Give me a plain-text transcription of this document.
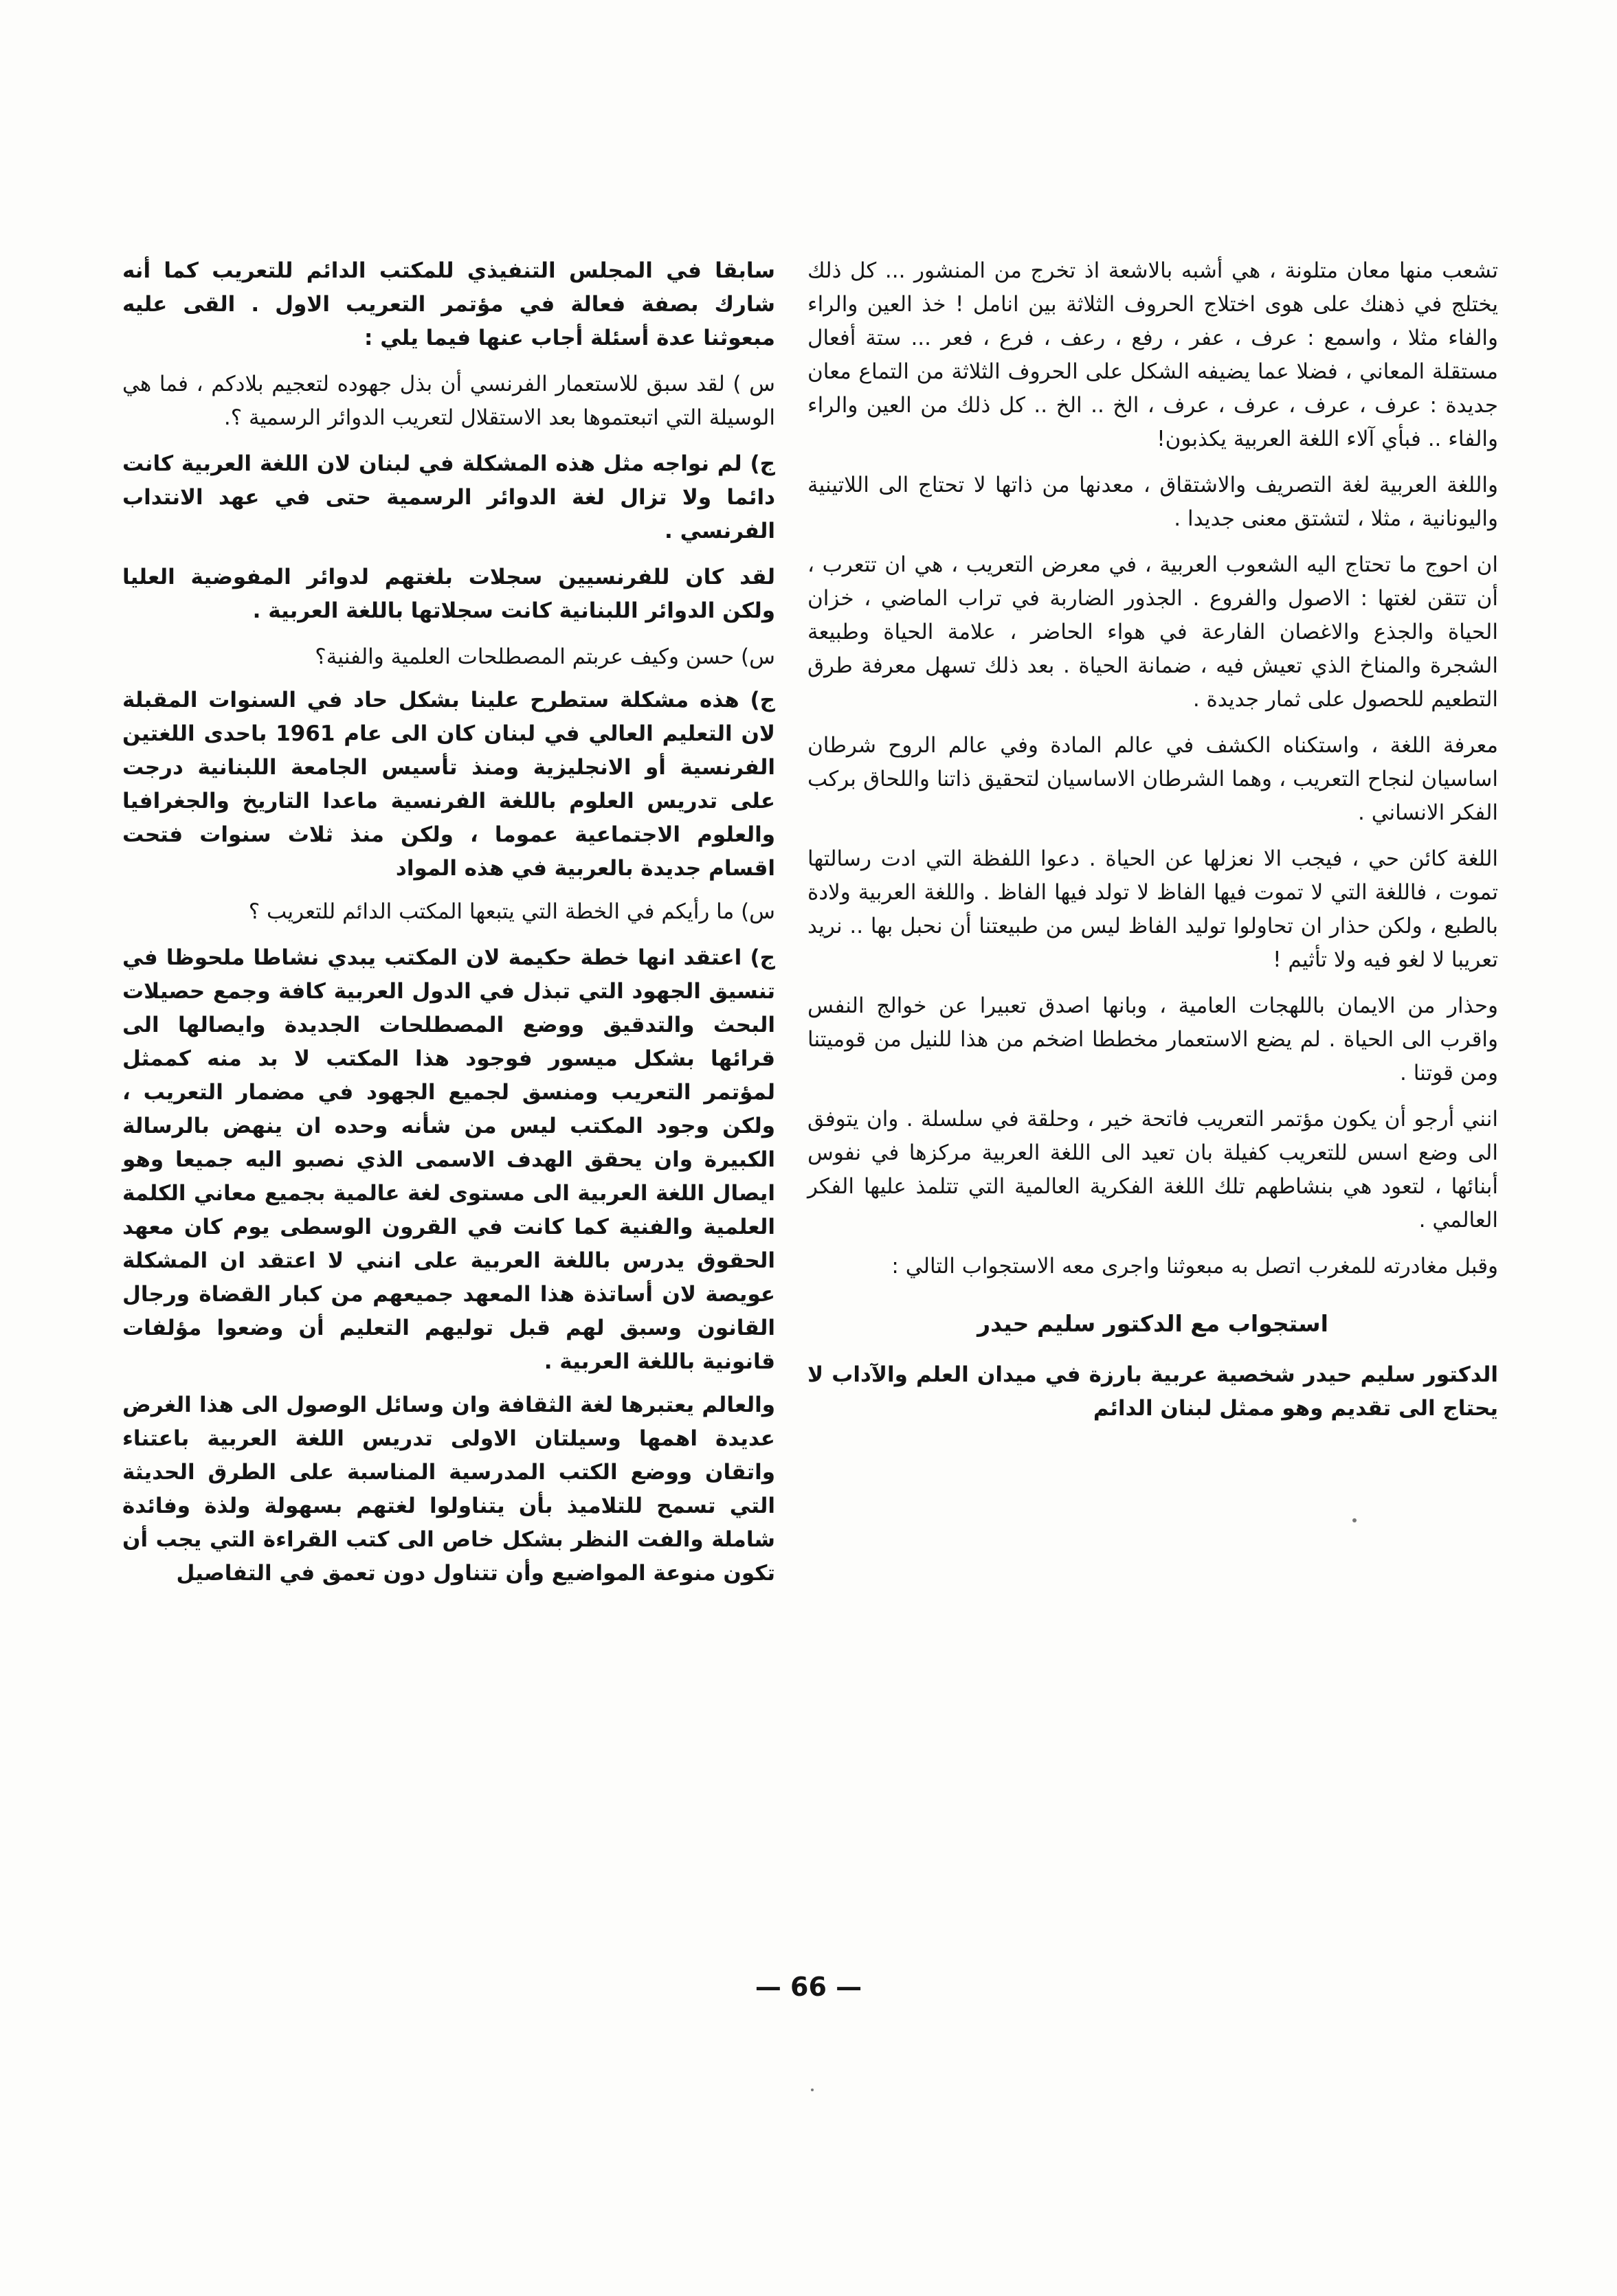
تشعب منها معان متلونة ، هي أشبه بالاشعة اذ تخرج من المنشور ... كل ذلك يختلج في ذهنك على هوى اختلاج الحروف الثلاثة بين انامل ! خذ العين والراء والفاء مثلا ، واسمع : عرف ، عفر ، رفع ، رعف ، فرع ، فعر ... ستة أفعال مستقلة المعاني ، فضلا عما يضيفه الشكل على الحروف الثلاثة من التماع معان جديدة : عرف ، عرف ، عرف ، عرف ، الخ .. الخ .. كل ذلك من العين والراء والفاء .. فبأي آلاء اللغة العربية يكذبون!

واللغة العربية لغة التصريف والاشتقاق ، معدنها من ذاتها لا تحتاج الى اللاتينية واليونانية ، مثلا ، لتشتق معنى جديدا .

ان احوج ما تحتاج اليه الشعوب العربية ، في معرض التعريب ، هي ان تتعرب ، أن تتقن لغتها : الاصول والفروع . الجذور الضاربة في تراب الماضي ، خزان الحياة والجذع والاغصان الفارعة في هواء الحاضر ، علامة الحياة وطبيعة الشجرة والمناخ الذي تعيش فيه ، ضمانة الحياة . بعد ذلك تسهل معرفة طرق التطعيم للحصول على ثمار جديدة .

معرفة اللغة ، واستكناه الكشف في عالم المادة وفي عالم الروح شرطان اساسيان لنجاح التعريب ، وهما الشرطان الاساسيان لتحقيق ذاتنا واللحاق بركب الفكر الانساني .

اللغة كائن حي ، فيجب الا نعزلها عن الحياة . دعوا اللفظة التي ادت رسالتها تموت ، فاللغة التي لا تموت فيها الفاظ لا تولد فيها الفاظ . واللغة العربية ولادة بالطبع ، ولكن حذار ان تحاولوا توليد الفاظ ليس من طبيعتنا أن نحبل بها .. نريد تعريبا لا لغو فيه ولا تأثيم !

وحذار من الايمان باللهجات العامية ، وبانها اصدق تعبيرا عن خوالج النفس واقرب الى الحياة . لم يضع الاستعمار مخططا اضخم من هذا للنيل من قوميتنا ومن قوتنا .

انني أرجو أن يكون مؤتمر التعريب فاتحة خير ، وحلقة في سلسلة . وان يتوفق الى وضع اسس للتعريب كفيلة بان تعيد الى اللغة العربية مركزها في نفوس أبنائها ، لتعود هي بنشاطهم تلك اللغة الفكرية العالمية التي تتلمذ عليها الفكر العالمي .

وقبل مغادرته للمغرب اتصل به مبعوثنا واجرى معه الاستجواب التالي :

استجواب مع الدكتور سليم حيدر

الدكتور سليم حيدر شخصية عربية بارزة في ميدان العلم والآداب لا يحتاج الى تقديم وهو ممثل لبنان الدائم

سابقا في المجلس التنفيذي للمكتب الدائم للتعريب كما أنه شارك بصفة فعالة في مؤتمر التعريب الاول . القى عليه مبعوثنا عدة أسئلة أجاب عنها فيما يلي :

س ) لقد سبق للاستعمار الفرنسي أن بذل جهوده لتعجيم بلادكم ، فما هي الوسيلة التي اتبعتموها بعد الاستقلال لتعريب الدوائر الرسمية ؟.

ج) لم نواجه مثل هذه المشكلة في لبنان لان اللغة العربية كانت دائما ولا تزال لغة الدوائر الرسمية حتى في عهد الانتداب الفرنسي .

لقد كان للفرنسيين سجلات بلغتهم لدوائر المفوضية العليا ولكن الدوائر اللبنانية كانت سجلاتها باللغة العربية .

س) حسن وكيف عربتم المصطلحات العلمية والفنية؟

ج) هذه مشكلة ستطرح علينا بشكل حاد في السنوات المقبلة لان التعليم العالي في لبنان كان الى عام 1961 باحدى اللغتين الفرنسية أو الانجليزية ومنذ تأسيس الجامعة اللبنانية درجت على تدريس العلوم باللغة الفرنسية ماعدا التاريخ والجغرافيا والعلوم الاجتماعية عموما ، ولكن منذ ثلاث سنوات فتحت اقسام جديدة بالعربية في هذه المواد

س) ما رأيكم في الخطة التي يتبعها المكتب الدائم للتعريب ؟

ج) اعتقد انها خطة حكيمة لان المكتب يبدي نشاطا ملحوظا في تنسيق الجهود التي تبذل في الدول العربية كافة وجمع حصيلات البحث والتدقيق ووضع المصطلحات الجديدة وايصالها الى قرائها بشكل ميسور فوجود هذا المكتب لا بد منه كممثل لمؤتمر التعريب ومنسق لجميع الجهود في مضمار التعريب ، ولكن وجود المكتب ليس من شأنه وحده ان ينهض بالرسالة الكبيرة وان يحقق الهدف الاسمى الذي نصبو اليه جميعا وهو ايصال اللغة العربية الى مستوى لغة عالمية بجميع معاني الكلمة العلمية والفنية كما كانت في القرون الوسطى يوم كان معهد الحقوق يدرس باللغة العربية على انني لا اعتقد ان المشكلة عويصة لان أساتذة هذا المعهد جميعهم من كبار القضاة ورجال القانون وسبق لهم قبل توليهم التعليم أن وضعوا مؤلفات قانونية باللغة العربية .

والعالم يعتبرها لغة الثقافة وان وسائل الوصول الى هذا الغرض عديدة اهمها وسيلتان الاولى تدريس اللغة العربية باعتناء واتقان ووضع الكتب المدرسية المناسبة على الطرق الحديثة التي تسمح للتلاميذ بأن يتناولوا لغتهم بسهولة ولذة وفائدة شاملة والفت النظر بشكل خاص الى كتب القراءة التي يجب أن تكون منوعة المواضيع وأن تتناول دون تعمق في التفاصيل

— 66 —
